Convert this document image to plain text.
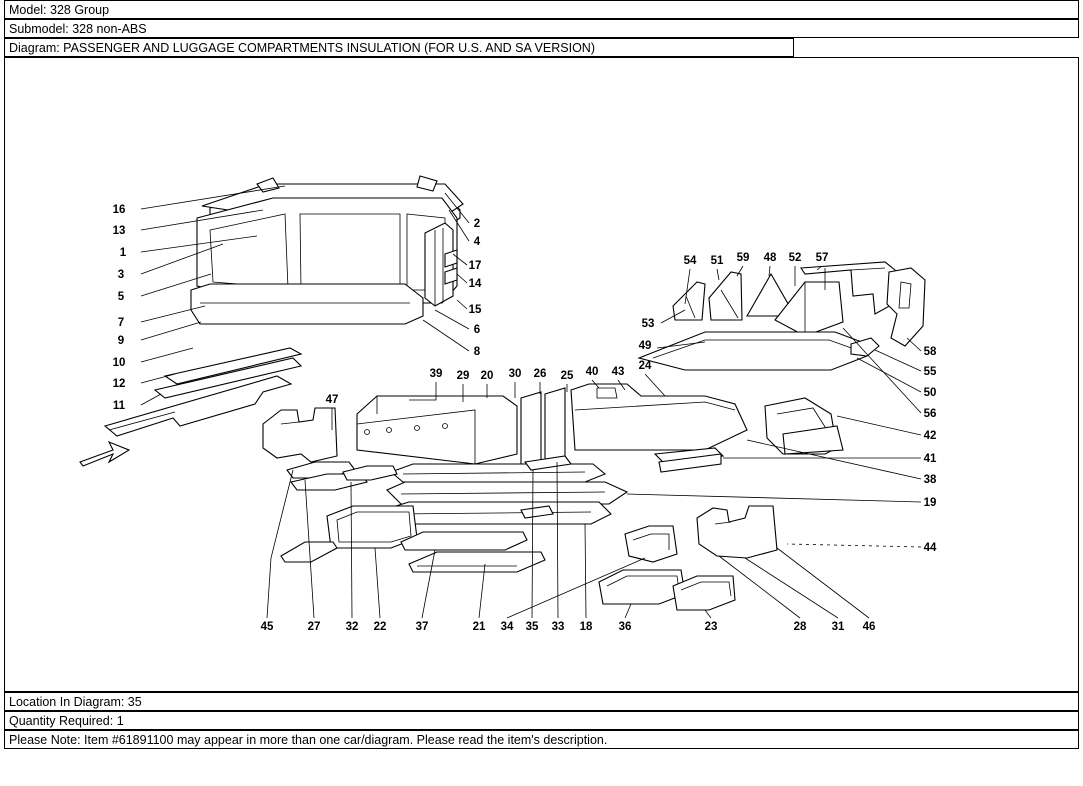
Model: 328 Group
Submodel: 328 non-ABS
Diagram: PASSENGER AND LUGGAGE COMPARTMENTS INSULATION (FOR U.S. AND SA VERSION)
16
13
1
3
5
7
9
10
12
11
2
4
17
14
15
6
8
39 29 20 30 26 25 40 43 24
47
54 51 59 48 52 57
53
49	58
55
50
56
42
41
38
19
44
45	27 32 22	37	21 34 35 33 18 36	23	28 31 46
Location In Diagram: 35
Quantity Required: 1
Please Note: Item #61891100 may appear in more than one car/diagram. Please read the item's description.
